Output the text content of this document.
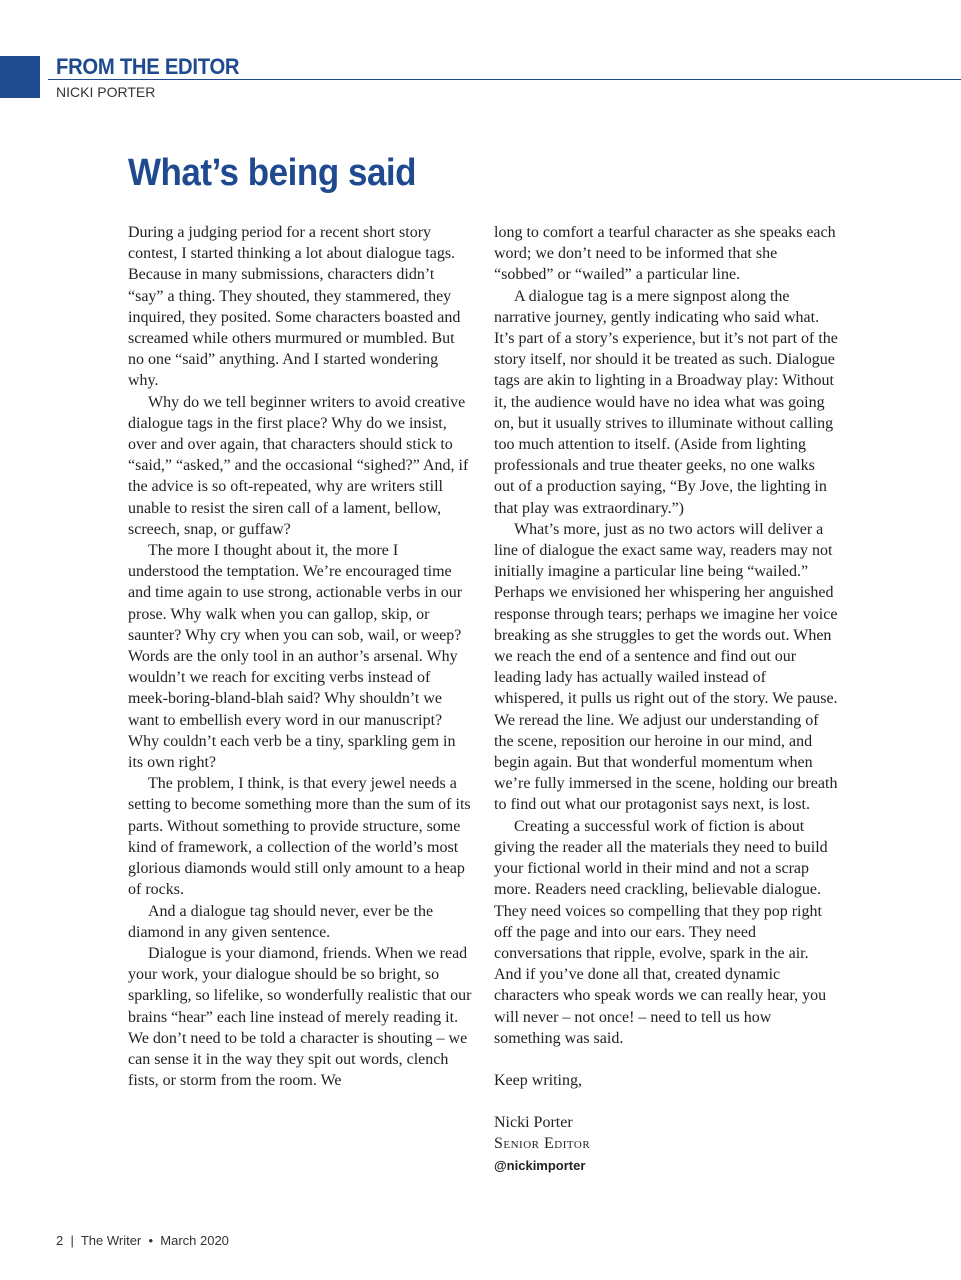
FROM THE EDITOR
NICKI PORTER
What’s being said

During a judging period for a recent short story contest, I started thinking a lot about dialogue tags. Because in many submissions, characters didn’t “say” a thing. They shouted, they stammered, they inquired, they posited. Some characters boasted and screamed while others murmured or mumbled. But no one “said” anything. And I started wondering why.

Why do we tell beginner writers to avoid creative dialogue tags in the first place? Why do we insist, over and over again, that characters should stick to “said,” “asked,” and the occasional “sighed?” And, if the advice is so oft-repeated, why are writers still unable to resist the siren call of a lament, bellow, screech, snap, or guffaw?

The more I thought about it, the more I understood the temptation. We’re encouraged time and time again to use strong, actionable verbs in our prose. Why walk when you can gallop, skip, or saunter? Why cry when you can sob, wail, or weep? Words are the only tool in an author’s arsenal. Why wouldn’t we reach for exciting verbs instead of meek-boring-bland-blah said? Why shouldn’t we want to embellish every word in our manuscript? Why couldn’t each verb be a tiny, sparkling gem in its own right?

The problem, I think, is that every jewel needs a setting to become something more than the sum of its parts. Without something to provide structure, some kind of framework, a collection of the world’s most glorious diamonds would still only amount to a heap of rocks.

And a dialogue tag should never, ever be the diamond in any given sentence.

Dialogue is your diamond, friends. When we read your work, your dialogue should be so bright, so sparkling, so lifelike, so wonderfully realistic that our brains “hear” each line instead of merely reading it. We don’t need to be told a character is shouting – we can sense it in the way they spit out words, clench fists, or storm from the room. We

long to comfort a tearful character as she speaks each word; we don’t need to be informed that she “sobbed” or “wailed” a particular line.

A dialogue tag is a mere signpost along the narrative journey, gently indicating who said what. It’s part of a story’s experience, but it’s not part of the story itself, nor should it be treated as such. Dialogue tags are akin to lighting in a Broadway play: Without it, the audience would have no idea what was going on, but it usually strives to illuminate without calling too much attention to itself. (Aside from lighting professionals and true theater geeks, no one walks out of a production saying, “By Jove, the lighting in that play was extraordinary.”)

What’s more, just as no two actors will deliver a line of dialogue the exact same way, readers may not initially imagine a particular line being “wailed.” Perhaps we envisioned her whispering her anguished response through tears; perhaps we imagine her voice breaking as she struggles to get the words out. When we reach the end of a sentence and find out our leading lady has actually wailed instead of whispered, it pulls us right out of the story. We pause. We reread the line. We adjust our understanding of the scene, reposition our heroine in our mind, and begin again. But that wonderful momentum when we’re fully immersed in the scene, holding our breath to find out what our protagonist says next, is lost.

Creating a successful work of fiction is about giving the reader all the materials they need to build your fictional world in their mind and not a scrap more. Readers need crackling, believable dialogue. They need voices so compelling that they pop right off the page and into our ears. They need conversations that ripple, evolve, spark in the air. And if you’ve done all that, created dynamic characters who speak words we can really hear, you will never – not once! – need to tell us how something was said.

Keep writing,

Nicki Porter

Senior Editor

@nickimporter

2  |  The Writer  •  March 2020
